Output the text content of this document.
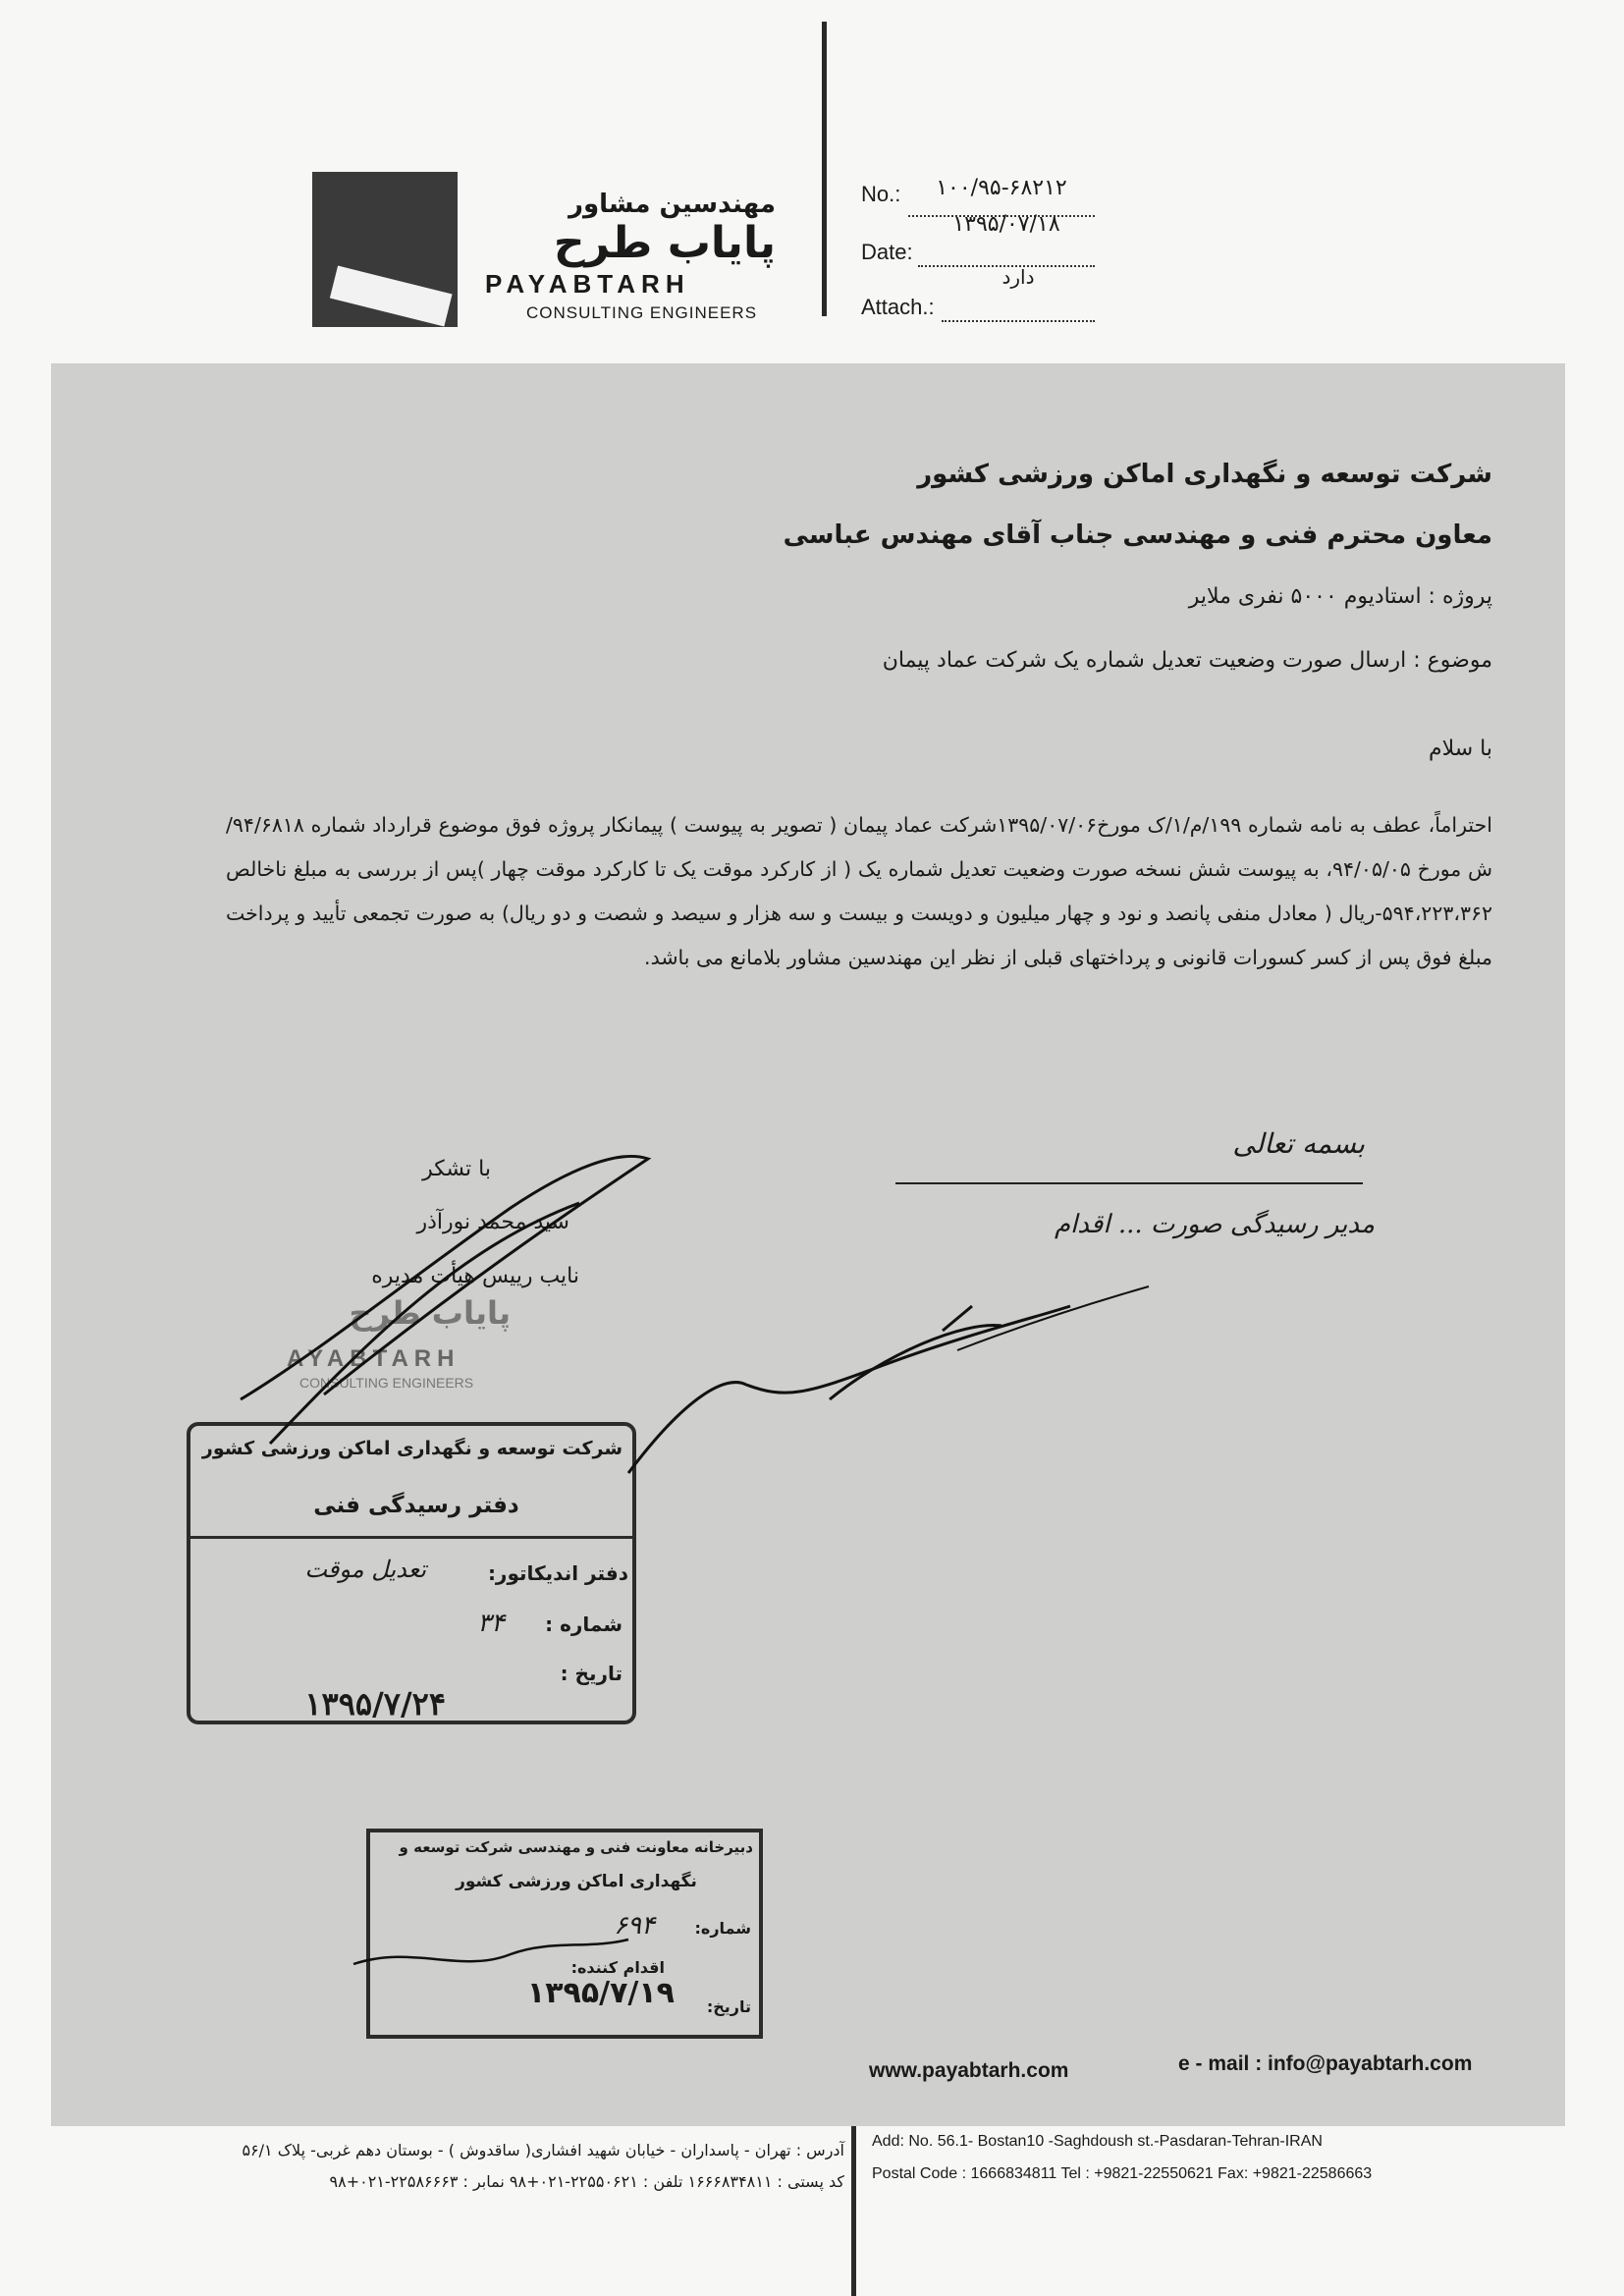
مهندسین مشاور
پایاب طرح
PAYABTARH
CONSULTING ENGINEERS
No.:	۱۰۰/۹۵-۶۸۲۱۲
Date:
۱۳۹۵/۰۷/۱۸
Attach.:
دارد
شرکت توسعه و نگهداری اماکن ورزشی کشور
معاون محترم فنی و مهندسی جناب آقای مهندس عباسی
پروژه : استادیوم ۵۰۰۰ نفری ملایر
موضوع : ارسال صورت وضعیت تعدیل شماره یک شرکت عماد پیمان
با سلام
احتراماً، عطف به نامه شماره ۱۹۹/م/۱/ک مورخ۱۳۹۵/۰۷/۰۶شرکت عماد پیمان ( تصویر به پیوست ) پیمانکار پروژه فوق موضوع قرارداد شماره ۹۴/۶۸۱۸/ش مورخ ۹۴/۰۵/۰۵، به پیوست شش نسخه صورت وضعیت تعدیل شماره یک ( از کارکرد موقت یک تا کارکرد موقت چهار )پس از بررسی به مبلغ ناخالص ۵۹۴،۲۲۳،۳۶۲-ریال ( معادل منفی پانصد و نود و چهار میلیون و دویست و بیست و سه هزار و سیصد و شصت و دو ریال) به صورت تجمعی تأیید و پرداخت مبلغ فوق پس از کسر کسورات قانونی و پرداختهای قبلی از نظر این مهندسین مشاور بلامانع می باشد.
با تشکر
سید محمد نورآذر
نایب رییس هیأت مدیره
پایاب طرح
AYABTARH
CONSULTING ENGINEERS
بسمه تعالی
مدیر رسیدگی صورت ... اقدام
شرکت توسعه و نگهداری اماکن ورزشی کشور
دفتر رسیدگی فنی
دفتر اندیکاتور:
تعدیل موقت
شماره :
۳۴
تاریخ :
۱۳۹۵/۷/۲۴
دبیرخانه معاونت فنی و مهندسی شرکت توسعه و
نگهداری اماکن ورزشی کشور
شماره:
۶۹۴
اقدام کننده:
تاریخ:
۱۳۹۵/۷/۱۹
www.payabtarh.com	e - mail : info@payabtarh.com
آدرس : تهران - پاسداران - خیابان شهید افشاری( ساقدوش ) - بوستان دهم غربی- پلاک ۵۶/۱
کد پستی : ۱۶۶۶۸۳۴۸۱۱ تلفن : ۲۲۵۵۰۶۲۱-۰۲۱+۹۸ نمابر : ۲۲۵۸۶۶۶۳-۰۲۱+۹۸
Add: No. 56.1- Bostan10 -Saghdoush st.-Pasdaran-Tehran-IRAN
Postal Code : 1666834811 Tel : +9821-22550621 Fax: +9821-22586663
